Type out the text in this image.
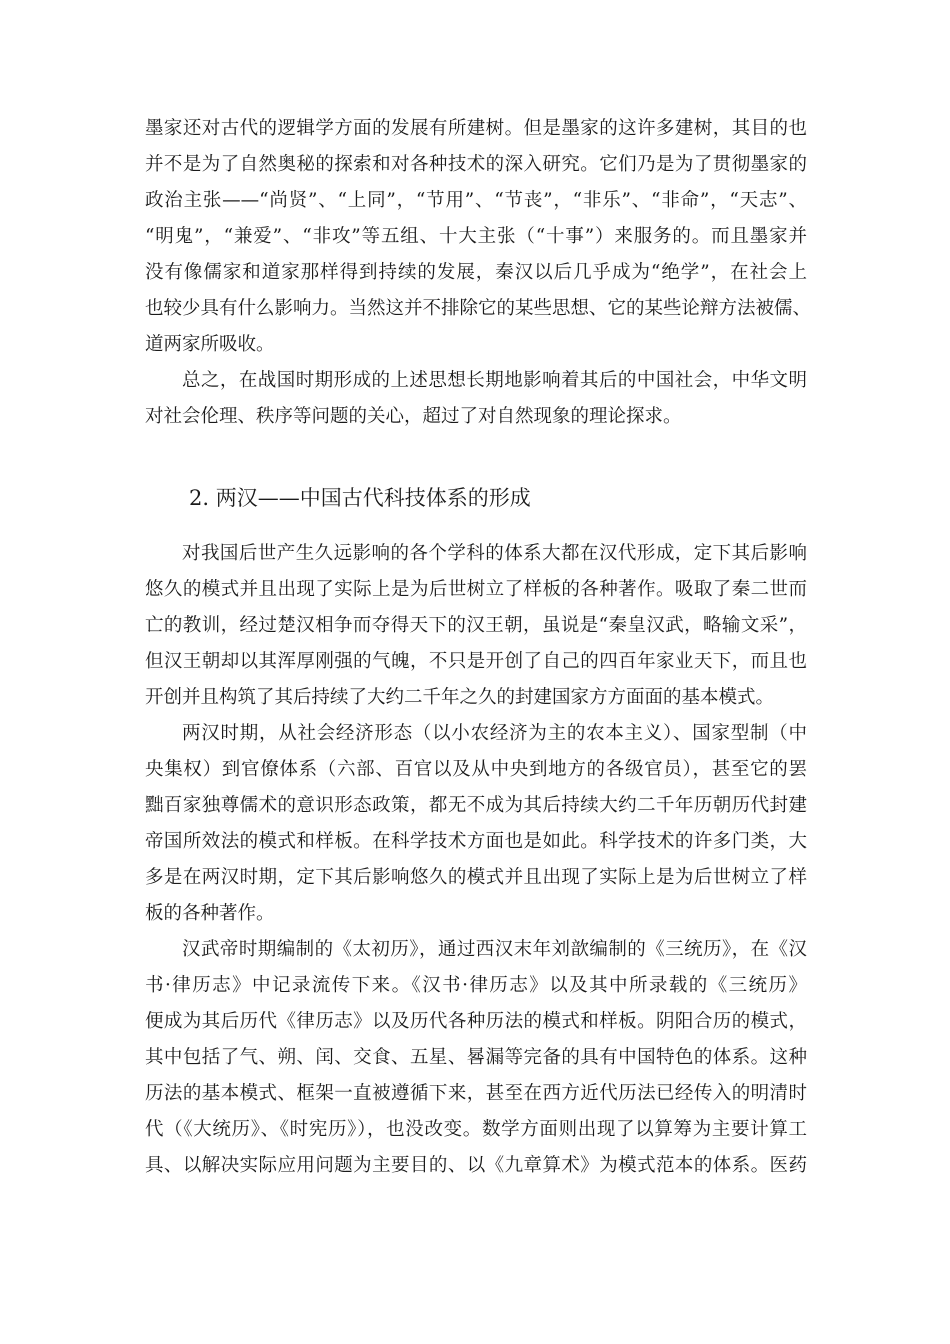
墨家还对古代的逻辑学方面的发展有所建树。但是墨家的这许多建树，其目的也
并不是为了自然奥秘的探索和对各种技术的深入研究。它们乃是为了贯彻墨家的
政治主张——“尚贤”、“上同”，“节用”、“节丧”，“非乐”、“非命”，“天志”、
“明鬼”，“兼爱”、“非攻”等五组、十大主张（“十事”）来服务的。而且墨家并
没有像儒家和道家那样得到持续的发展，秦汉以后几乎成为“绝学”，在社会上
也较少具有什么影响力。当然这并不排除它的某些思想、它的某些论辩方法被儒、
道两家所吸收。
总之，在战国时期形成的上述思想长期地影响着其后的中国社会，中华文明
对社会伦理、秩序等问题的关心，超过了对自然现象的理论探求。
2. 两汉——中国古代科技体系的形成
对我国后世产生久远影响的各个学科的体系大都在汉代形成，定下其后影响
悠久的模式并且出现了实际上是为后世树立了样板的各种著作。吸取了秦二世而
亡的教训，经过楚汉相争而夺得天下的汉王朝，虽说是“秦皇汉武，略输文采”，
但汉王朝却以其浑厚刚强的气魄，不只是开创了自己的四百年家业天下，而且也
开创并且构筑了其后持续了大约二千年之久的封建国家方方面面的基本模式。
两汉时期，从社会经济形态（以小农经济为主的农本主义）、国家型制（中
央集权）到官僚体系（六部、百官以及从中央到地方的各级官员），甚至它的罢
黜百家独尊儒术的意识形态政策，都无不成为其后持续大约二千年历朝历代封建
帝国所效法的模式和样板。在科学技术方面也是如此。科学技术的许多门类，大
多是在两汉时期，定下其后影响悠久的模式并且出现了实际上是为后世树立了样
板的各种著作。
汉武帝时期编制的《太初历》，通过西汉末年刘歆编制的《三统历》，在《汉
书·律历志》中记录流传下来。《汉书·律历志》以及其中所录载的《三统历》
便成为其后历代《律历志》以及历代各种历法的模式和样板。阴阳合历的模式，
其中包括了气、朔、闰、交食、五星、晷漏等完备的具有中国特色的体系。这种
历法的基本模式、框架一直被遵循下来，甚至在西方近代历法已经传入的明清时
代（《大统历》、《时宪历》），也没改变。数学方面则出现了以算筹为主要计算工
具、以解决实际应用问题为主要目的、以《九章算术》为模式范本的体系。医药
